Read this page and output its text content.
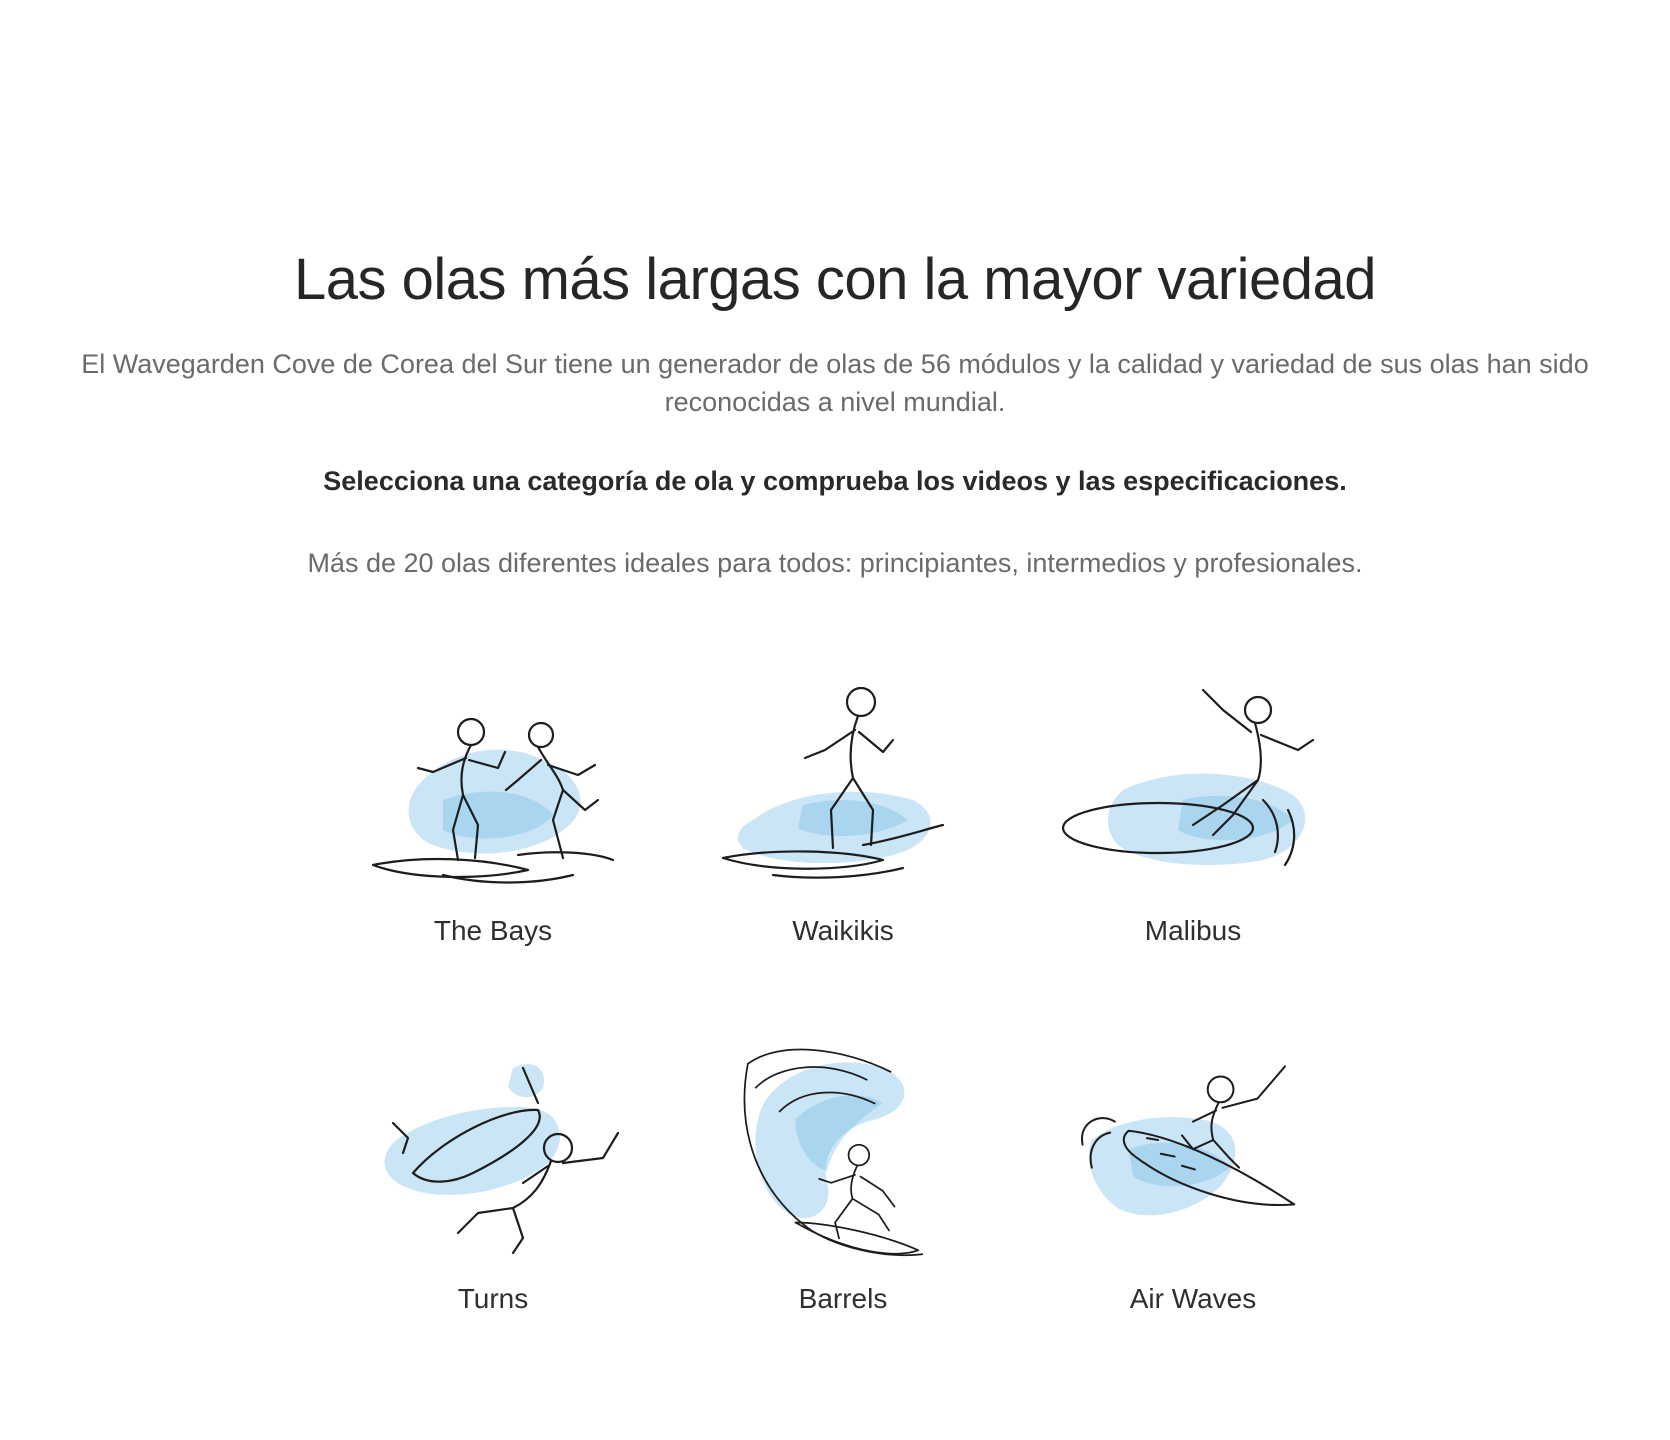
Las olas más largas con la mayor variedad

El Wavegarden Cove de Corea del Sur tiene un generador de olas de 56 módulos y la calidad y variedad de sus olas han sido reconocidas a nivel mundial.

Selecciona una categoría de ola y comprueba los videos y las especificaciones.

Más de 20 olas diferentes ideales para todos: principiantes, intermedios y profesionales.

The Bays	Waikikis	Malibus
Turns	Barrels	Air Waves
